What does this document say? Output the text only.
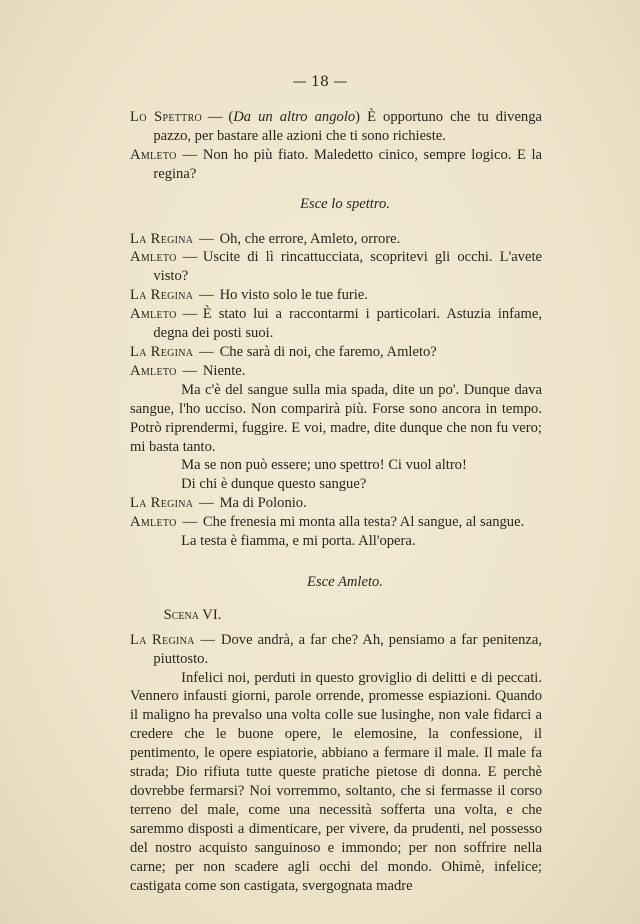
— 18 —

Lo Spettro — (Da un altro angolo) È opportuno che tu divenga pazzo, per bastare alle azioni che ti sono richieste.

Amleto — Non ho più fiato. Maledetto cinico, sempre logico. E la regina?

Esce lo spettro.

La Regina — Oh, che errore, Amleto, orrore.

Amleto — Uscite di lì rincattucciata, scopritevi gli occhi. L'avete visto?

La Regina — Ho visto solo le tue furie.

Amleto — È stato lui a raccontarmi i particolari. Astuzia infame, degna dei posti suoi.

La Regina — Che sarà di noi, che faremo, Amleto?

Amleto — Niente.

Ma c'è del sangue sulla mia spada, dite un po'. Dunque dava sangue, l'ho ucciso. Non comparirà più. Forse sono ancora in tempo. Potrò riprendermi, fuggire. E voi, madre, dite dunque che non fu vero; mi basta tanto.

Ma se non può essere; uno spettro! Ci vuol altro!

Di chi è dunque questo sangue?

La Regina — Ma di Polonio.

Amleto — Che frenesia mi monta alla testa? Al sangue, al sangue.

La testa è fiamma, e mi porta. All'opera.

Esce Amleto.
Scena VI.

La Regina — Dove andrà, a far che? Ah, pensiamo a far penitenza, piuttosto.

Infelici noi, perduti in questo groviglio di delitti e di peccati. Vennero infausti giorni, parole orrende, promesse espiazioni. Quando il maligno ha prevalso una volta colle sue lusinghe, non vale fidarci a credere che le buone opere, le elemosine, la confessione, il pentimento, le opere espiatorie, abbiano a fermare il male. Il male fa strada; Dio rifiuta tutte queste pratiche pietose di donna. E perchè dovrebbe fermarsi? Noi vorremmo, soltanto, che si fermasse il corso terreno del male, come una necessità sofferta una volta, e che saremmo disposti a dimenticare, per vivere, da prudenti, nel possesso del nostro acquisto sanguinoso e immondo; per non soffrire nella carne; per non scadere agli occhi del mondo. Ohimè, infelice; castigata come son castigata, svergognata madre
